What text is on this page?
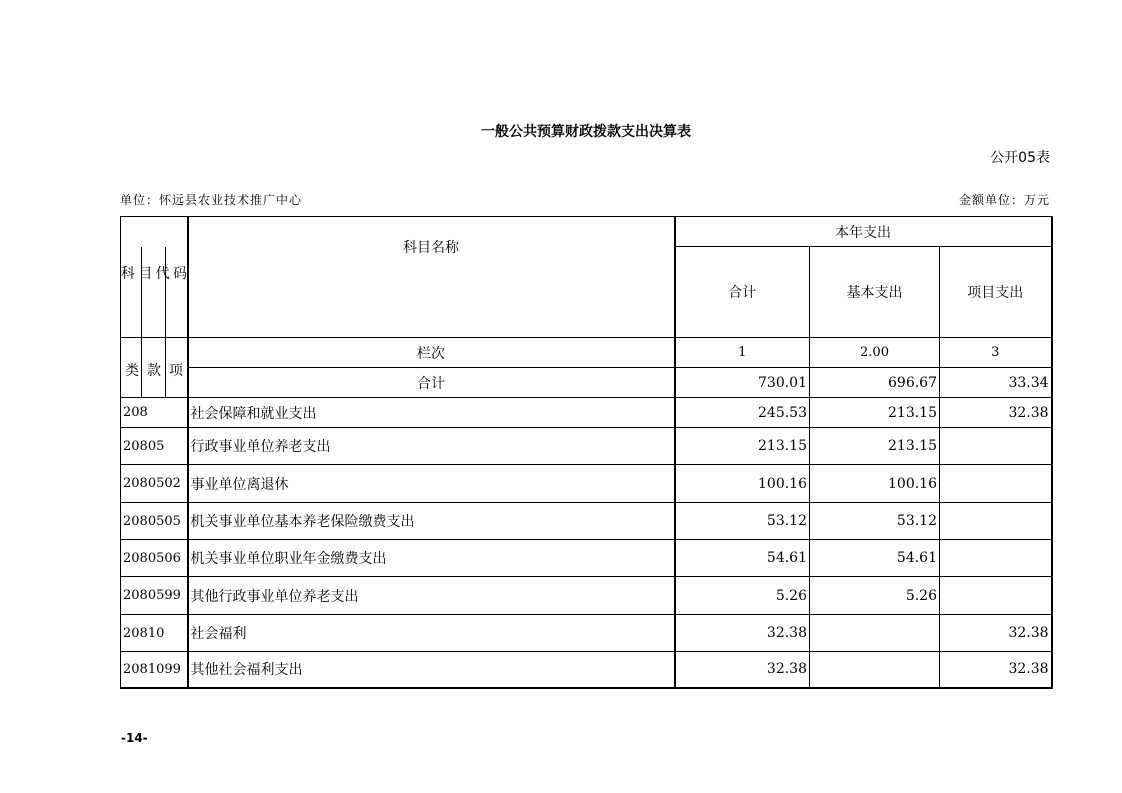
一般公共预算财政拨款支出决算表
公开05表
单位：怀远县农业技术推广中心	金额单位：万元
科 目 代 码	科目名称	本年支出		
		合计	基本支出	项目支出

类 款 项	栏次	1	2.00	3
	合计	730.01	696.67	33.34
208	社会保障和就业支出	245.53	213.15	32.38
20805	行政事业单位养老支出	213.15	213.15	
2080502	事业单位离退休	100.16	100.16	
2080505	机关事业单位基本养老保险缴费支出	53.12	53.12	
2080506	机关事业单位职业年金缴费支出	54.61	54.61	
2080599	其他行政事业单位养老支出	5.26	5.26	
20810	社会福利	32.38		32.38
2081099	其他社会福利支出	32.38		32.38
-14-
